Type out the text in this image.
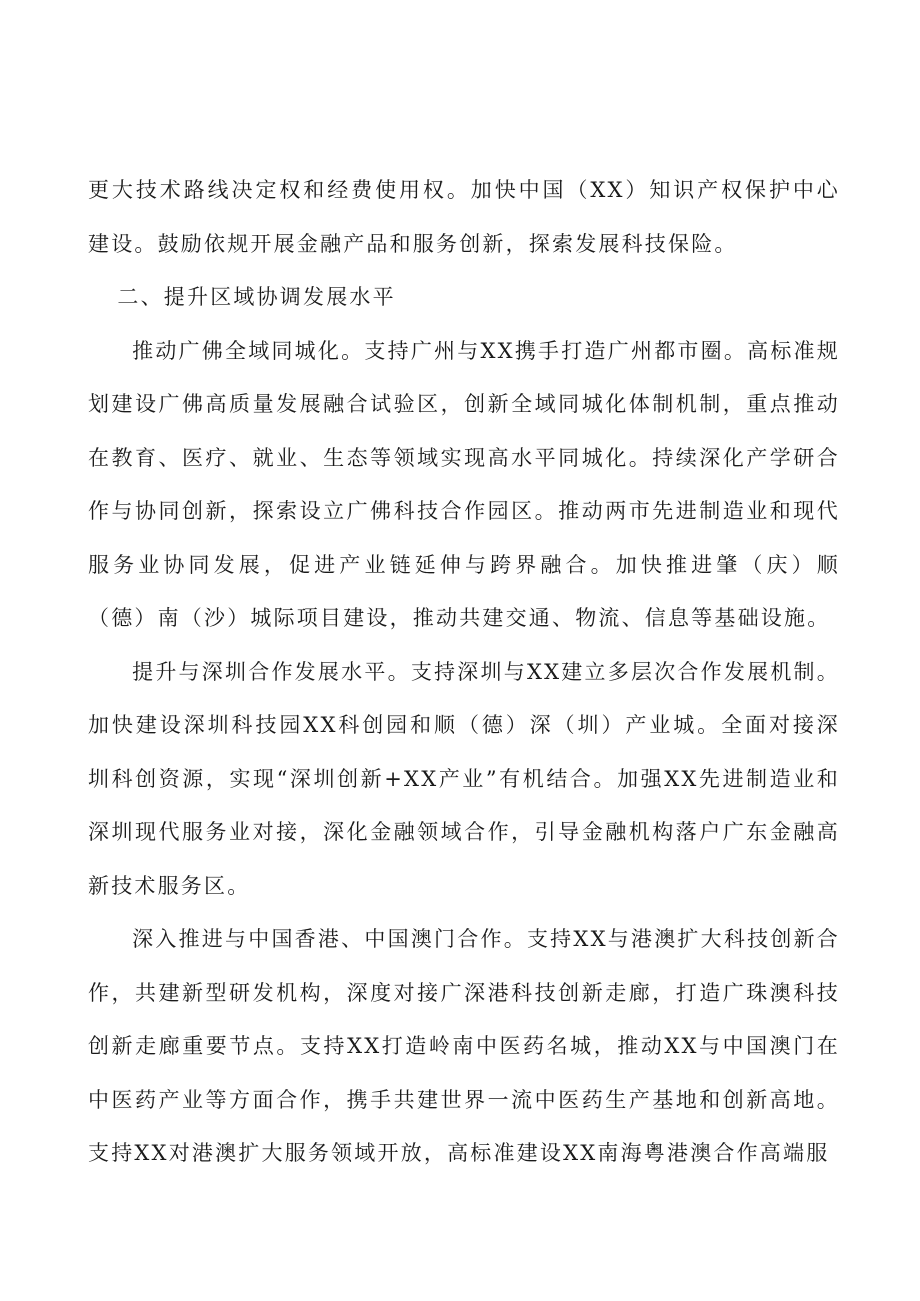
更大技术路线决定权和经费使用权。加快中国（XX）知识产权保护中心建设。鼓励依规开展金融产品和服务创新，探索发展科技保险。

二、提升区域协调发展水平

推动广佛全域同城化。支持广州与XX携手打造广州都市圈。高标准规划建设广佛高质量发展融合试验区，创新全域同城化体制机制，重点推动在教育、医疗、就业、生态等领域实现高水平同城化。持续深化产学研合作与协同创新，探索设立广佛科技合作园区。推动两市先进制造业和现代服务业协同发展，促进产业链延伸与跨界融合。加快推进肇（庆）顺（德）南（沙）城际项目建设，推动共建交通、物流、信息等基础设施。

提升与深圳合作发展水平。支持深圳与XX建立多层次合作发展机制。加快建设深圳科技园XX科创园和顺（德）深（圳）产业城。全面对接深圳科创资源，实现“深圳创新+XX产业”有机结合。加强XX先进制造业和深圳现代服务业对接，深化金融领域合作，引导金融机构落户广东金融高新技术服务区。

深入推进与中国香港、中国澳门合作。支持XX与港澳扩大科技创新合作，共建新型研发机构，深度对接广深港科技创新走廊，打造广珠澳科技创新走廊重要节点。支持XX打造岭南中医药名城，推动XX与中国澳门在中医药产业等方面合作，携手共建世界一流中医药生产基地和创新高地。支持XX对港澳扩大服务领域开放，高标准建设XX南海粤港澳合作高端服
